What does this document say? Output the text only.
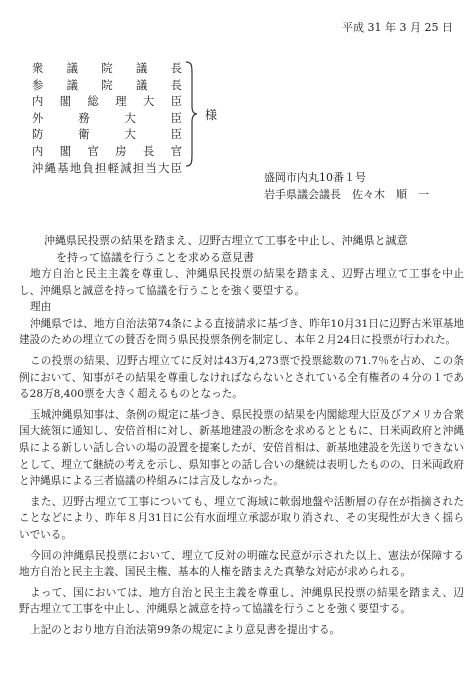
平成 31 年 3 月 25 日
衆議院議長
参議院議長
内閣総理大臣
外務大臣
防衛大臣
内閣官房長官
沖縄基地負担軽減担当大臣
様
盛岡市内丸10番１号
岩手県議会議長　佐々木　順　一
沖縄県民投票の結果を踏まえ、辺野古埋立て工事を中止し、沖縄県と誠意
を持って協議を行うことを求める意見書

地方自治と民主主義を尊重し、沖縄県民投票の結果を踏まえ、辺野古埋立て工事を中止し、沖縄県と誠意を持って協議を行うことを強く要望する。

理由

沖縄県では、地方自治法第74条による直接請求に基づき、昨年10月31日に辺野古米軍基地建設のための埋立ての賛否を問う県民投票条例を制定し、本年２月24日に投票が行われた。

この投票の結果、辺野古埋立てに反対は43万4,273票で投票総数の71.7％を占め、この条例において、知事がその結果を尊重しなければならないとされている全有権者の４分の１である28万8,400票を大きく超えるものとなった。

玉城沖縄県知事は、条例の規定に基づき、県民投票の結果を内閣総理大臣及びアメリカ合衆国大統領に通知し、安倍首相に対し、新基地建設の断念を求めるとともに、日米両政府と沖縄県による新しい話し合いの場の設置を提案したが、安倍首相は、新基地建設を先送りできないとして、埋立て継続の考えを示し、県知事との話し合いの継続は表明したものの、日米両政府と沖縄県による三者協議の枠組みには言及しなかった。

また、辺野古埋立て工事についても、埋立て海域に軟弱地盤や活断層の存在が指摘されたことなどにより、昨年８月31日に公有水面埋立承認が取り消され、その実現性が大きく揺らいでいる。

今回の沖縄県民投票において、埋立て反対の明確な民意が示された以上、憲法が保障する地方自治と民主主義、国民主権、基本的人権を踏まえた真摯な対応が求められる。

よって、国においては、地方自治と民主主義を尊重し、沖縄県民投票の結果を踏まえ、辺野古埋立て工事を中止し、沖縄県と誠意を持って協議を行うことを強く要望する。

上記のとおり地方自治法第99条の規定により意見書を提出する。
